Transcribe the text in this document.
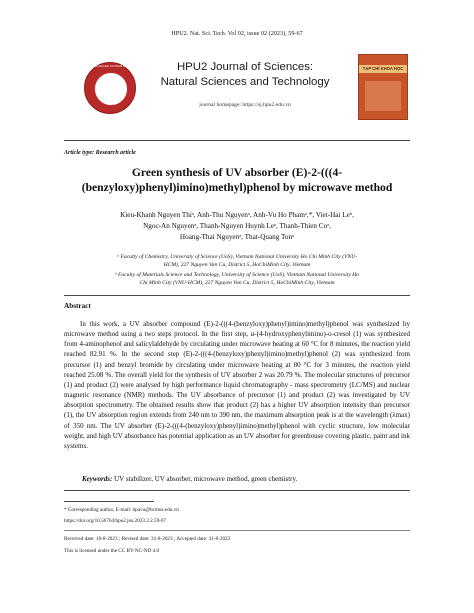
HPU2. Nat. Sci. Tech. Vol 02, issue 02 (2023), 59-67
TRƯỜNG ĐẠI HỌC SƯ PHẠM HÀ NỘI 2	HPU2 Journal of Sciences:
Natural Sciences and Technology
journal homepage: https://sj.hpu2.edu.vn
TẠP CHÍ KHOA HỌC
Article type: Research article
Green synthesis of UV absorber (E)-2-(((4-
(benzyloxy)phenyl)imino)methyl)phenol by microwave method
Kieu-Khanh Nguyen Thiᵃ, Anh-Thu Nguyenᵃ, Anh-Vu Ho Phamᵃ,*, Viet-Hai Leᵇ,
Ngoc-An Nguyenᵃ, Thanh-Nguyen Huynh Leᵃ, Thanh-Thien Coᵃ,
Hoang-Thai Nguyenᵃ, That-Quang Tonᵃ
ᵃ Faculty of Chemistry, University of Science (UoS), Vietnam National University Ho Chi Minh City (VNU-
HCM), 227 Nguyen Van Cu, District 5, HoChiMinh City, Vietnam
ᵇ Faculty of Materials Science and Technology, University of Science (UoS), Vietnam National University Ho
Chi Minh City (VNU-HCM), 227 Nguyen Van Cu, District 5, HoChiMinh City, Vietnam
Abstract

In this work, a UV absorber compound (E)-2-(((4-(benzyloxy)phenyl)imino)methyl)phenol was synthesized by microwave method using a two steps protocol. In the first step, α-(4-hydroxyphenylimino)-o-cresol (1) was synthesized from 4-aminophenol and salicylaldehyde by circulating under microwave heating at 60 °C for 8 minutes, the reaction yield reached 82.91 %. In the second step (E)-2-(((4-(benzyloxy)phenyl)imino)methyl)phenol (2) was synthesized from precursor (1) and benzyl bromide by circulating under microwave heating at 80 °C for 3 minutes, the reaction yield reached 25.08 %. The overall yield for the synthesis of UV absorber 2 was 20.79 %. The molecular structures of precursor (1) and product (2) were analysed by high performance liquid chromatography - mass spectrometry (LC/MS) and nuclear magnetic resonance (NMR) methods. The UV absorbance of precursor (1) and product (2) was investigated by UV absorption spectrometry. The obtained results show that product (2) has a higher UV absorption intensity than precursor (1), the UV absorption region extends from 240 nm to 390 nm, the maximum absorption peak is at the wavelength (λmax) of 350 nm. The UV absorber (E)-2-(((4-(benzyloxy)phenyl)imino)methyl)phenol with cyclic structure, low molecular weight, and high UV absorbance has potential application as an UV absorber for greenhouse covering plastic, paint and ink systems.

Keywords: UV stabilizer, UV absorber, microwave method, green chemistry.
* Corresponding author, E-mail: hpavu@hcmus.edu.vn
https://doi.org/10.56764/hpu2.jos.2023.2.2.59-67
Received date: 16-8-2023 ; Revised date: 31-8-2023 ; Accepted date: 31-8-2023
This is licensed under the CC BY-NC-ND 4.0
